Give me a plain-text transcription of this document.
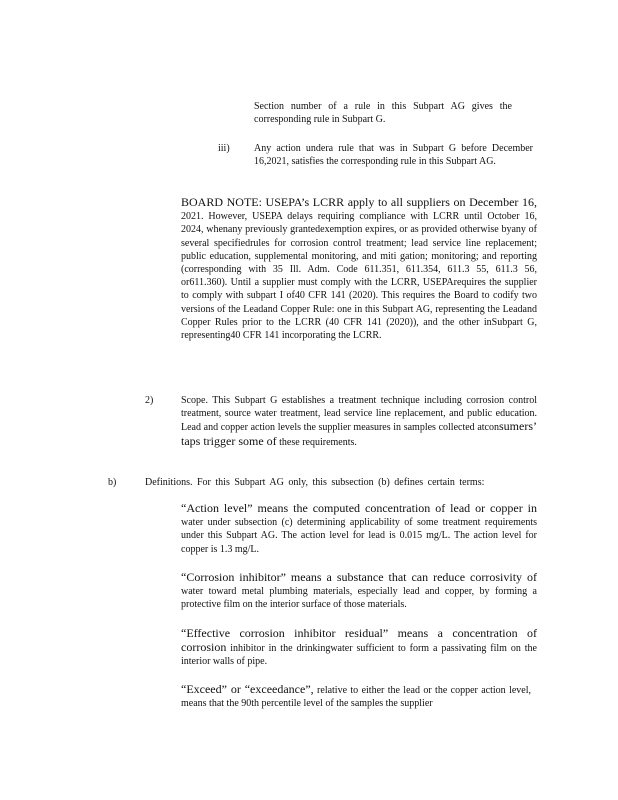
Section number of a rule in this Subpart AG gives the corresponding rule in Subpart G.

iii) Any action undera rule that was in Subpart G before December 16,2021, satisfies the corresponding rule in this Subpart AG.

BOARD NOTE: USEPA’s LCRR apply to all suppliers on December 16, 2021. However, USEPA delays requiring compliance with LCRR until October 16, 2024, whenany previously grantedexemption expires, or as provided otherwise byany of several specifiedrules for corrosion control treatment; lead service line replacement; public education, supplemental monitoring, and miti gation; monitoring; and reporting (corresponding with 35 Ill. Adm. Code 611.351, 611.354, 611.3 55, 611.3 56, or611.360). Until a supplier must comply with the LCRR, USEPArequires the supplier to comply with subpart I of40 CFR 141 (2020). This requires the Board to codify two versions of the Leadand Copper Rule: one in this Subpart AG, representing the Leadand Copper Rules prior to the LCRR (40 CFR 141 (2020)), and the other inSubpart G, representing40 CFR 141 incorporating the LCRR.

2)	Scope. This Subpart G establishes a treatment technique including corrosion control treatment, source water treatment, lead service line replacement, and public education. Lead and copper action levels the supplier measures in samples collected atconsumers’ taps trigger some of these requirements.

b)	Definitions. For this Subpart AG only, this subsection (b) defines certain terms:

“Action level” means the computed concentration of lead or copper in water under subsection (c) determining applicability of some treatment requirements under this Subpart AG. The action level for lead is 0.015 mg/L. The action level for copper is 1.3 mg/L.

“Corrosion inhibitor” means a substance that can reduce corrosivity of water toward metal plumbing materials, especially lead and copper, by forming a protective film on the interior surface of those materials.

“Effective corrosion inhibitor residual” means a concentration of corrosion inhibitor in the drinkingwater sufficient to form a passivating film on the interior walls of pipe.

“Exceed” or “exceedance”, relative to either the lead or the copper action level, means that the 90th percentile level of the samples the supplier
